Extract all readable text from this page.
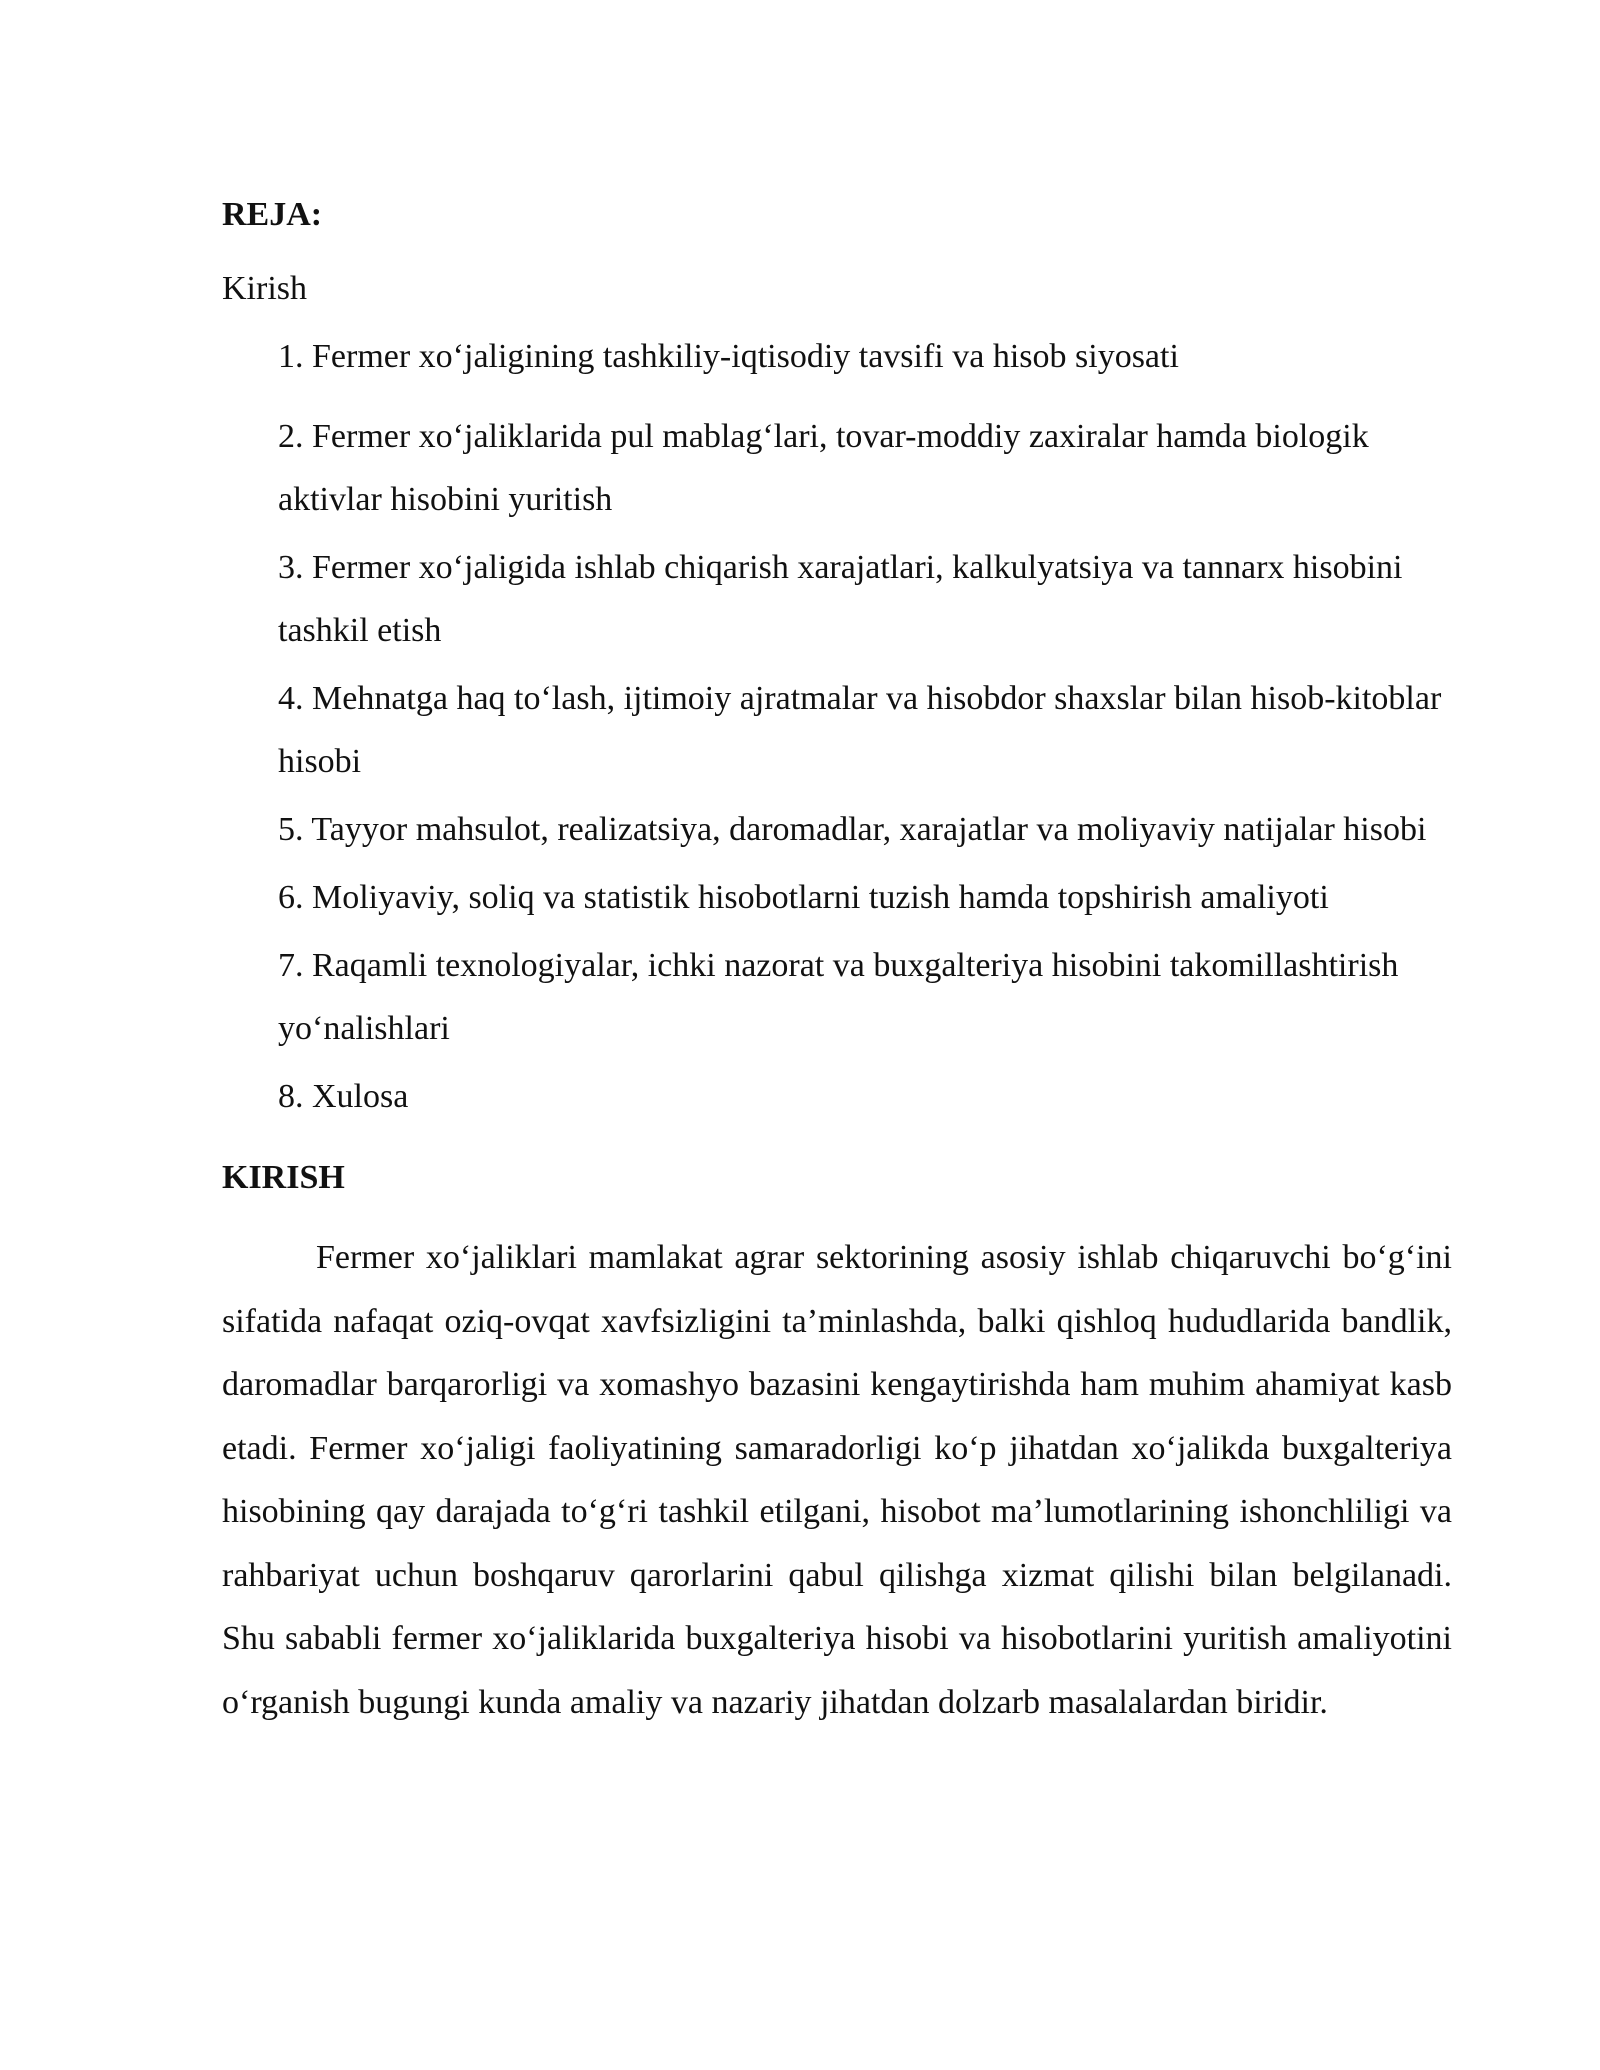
REJA:

Kirish

1. Fermer xo‘jaligining tashkiliy-iqtisodiy tavsifi va hisob siyosati
2. Fermer xo‘jaliklarida pul mablag‘lari, tovar-moddiy zaxiralar hamda biologik aktivlar hisobini yuritish
3. Fermer xo‘jaligida ishlab chiqarish xarajatlari, kalkulyatsiya va tannarx hisobini tashkil etish
4. Mehnatga haq to‘lash, ijtimoiy ajratmalar va hisobdor shaxslar bilan hisob-kitoblar hisobi
5. Tayyor mahsulot, realizatsiya, daromadlar, xarajatlar va moliyaviy natijalar hisobi
6. Moliyaviy, soliq va statistik hisobotlarni tuzish hamda topshirish amaliyoti
7. Raqamli texnologiyalar, ichki nazorat va buxgalteriya hisobini takomillashtirish yo‘nalishlari
8. Xulosa
KIRISH

Fermer xo‘jaliklari mamlakat agrar sektorining asosiy ishlab chiqaruvchi bo‘g‘ini sifatida nafaqat oziq-ovqat xavfsizligini ta’minlashda, balki qishloq hududlarida bandlik, daromadlar barqarorligi va xomashyo bazasini kengaytirishda ham muhim ahamiyat kasb etadi. Fermer xo‘jaligi faoliyatining samaradorligi ko‘p jihatdan xo‘jalikda buxgalteriya hisobining qay darajada to‘g‘ri tashkil etilgani, hisobot ma’lumotlarining ishonchliligi va rahbariyat uchun boshqaruv qarorlarini qabul qilishga xizmat qilishi bilan belgilanadi. Shu sababli fermer xo‘jaliklarida buxgalteriya hisobi va hisobotlarini yuritish amaliyotini o‘rganish bugungi kunda amaliy va nazariy jihatdan dolzarb masalalardan biridir.
